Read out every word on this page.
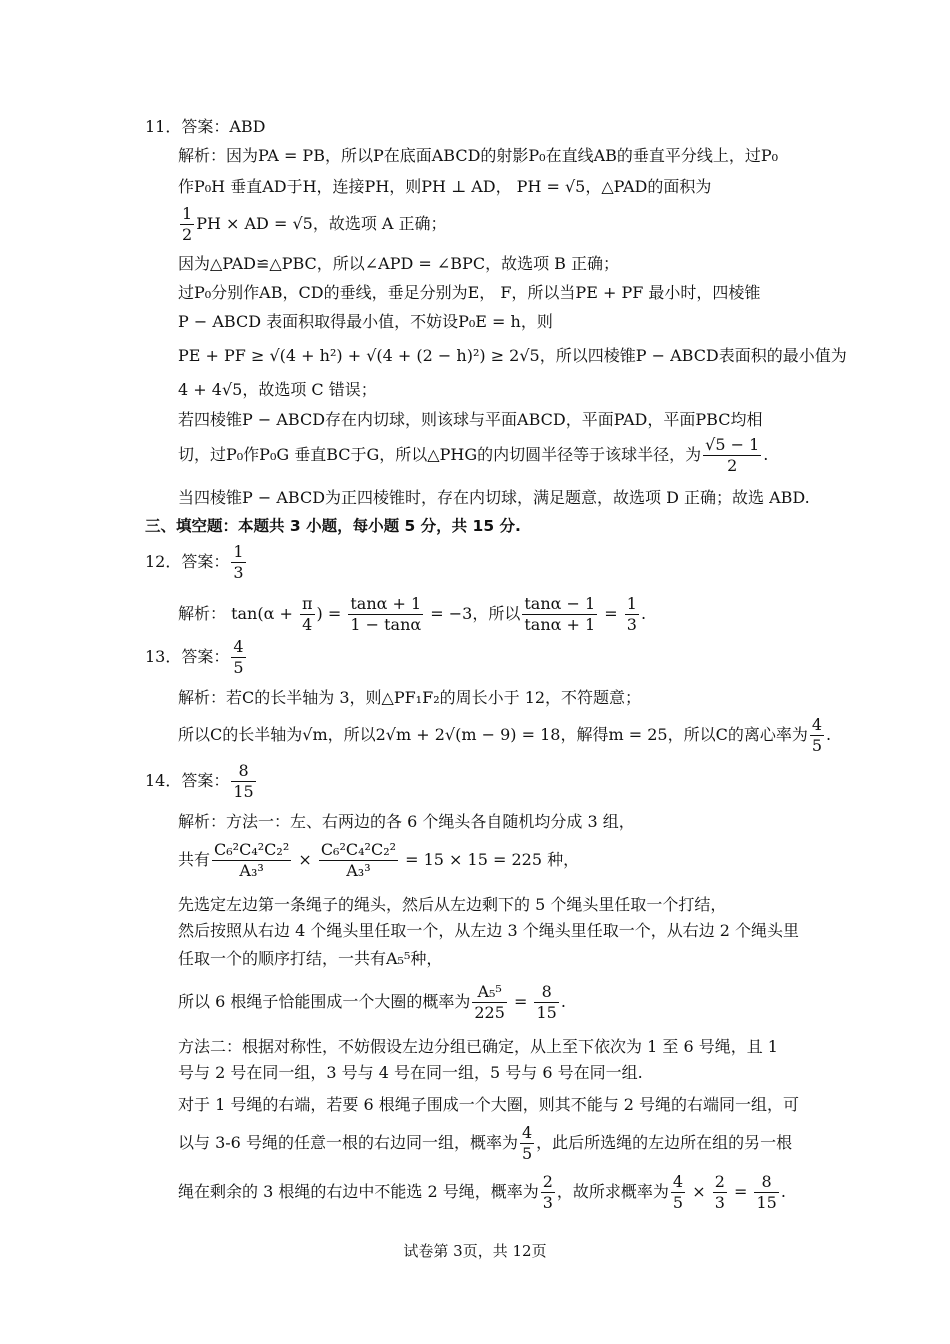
11．答案：ABD
解析：因为PA = PB，所以P在底面ABCD的射影P₀在直线AB的垂直平分线上，过P₀
作P₀H 垂直AD于H，连接PH，则PH ⊥ AD， PH = √5，△PAD的面积为
$\frac{1}{2}$ PH × AD = √5，故选项 A 正确；
因为△PAD≌△PBC，所以∠APD = ∠BPC，故选项 B 正确；
过P₀分别作AB，CD的垂线，垂足分别为E， F，所以当PE + PF 最小时，四棱锥
P − ABCD 表面积取得最小值，不妨设P₀E = h，则
PE + PF ≥ √(4 + h²) + √(4 + (2 − h)²) ≥ 2√5，所以四棱锥P − ABCD表面积的最小值为
4 + 4√5，故选项 C 错误；
若四棱锥P − ABCD存在内切球，则该球与平面ABCD，平面PAD，平面PBC均相
切，过P₀作P₀G 垂直BC于G，所以△PHG的内切圆半径等于该球半径，为 $\frac{√5 - 1}{2}$ .
当四棱锥P − ABCD为正四棱锥时，存在内切球，满足题意，故选项 D 正确；故选 ABD.
三、填空题：本题共 3 小题，每小题 5 分，共 15 分.
12．答案： $\frac{1}{3}$
解析： $\tan(\alpha + \frac{\pi}{4}$ ) = $\frac{\tan\alpha + 1}{1 - \tan\alpha} = -3$，所以 $\frac{\tan\alpha - 1}{\tan\alpha + 1} = \frac{1}{3}$ .
13．答案： $\frac{4}{5}$
解析：若C的长半轴为 3，则△PF₁F₂的周长小于 12，不符题意；
所以C的长半轴为√m，所以2√m + 2√(m − 9) = 18，解得m = 25，所以C的离心率为 $\frac{4}{5}$ .
14．答案： $\frac{8}{15}$
解析：方法一：左、右两边的各 6 个绳头各自随机均分成 3 组，
共有 $\frac{\text{C₆²C₄²C₂²}}{\text{A₃³}} \times \frac{\text{C₆²C₄²C₂²}}{\text{A₃³}} = 15 \times 15 = 225$ 种，
先选定左边第一条绳子的绳头，然后从左边剩下的 5 个绳头里任取一个打结，
然后按照从右边 4 个绳头里任取一个，从左边 3 个绳头里任取一个，从右边 2 个绳头里
任取一个的顺序打结，一共有A₅⁵种，
所以 6 根绳子恰能围成一个大圈的概率为 $\frac{\text{A₅⁵}}{225} = \frac{8}{15}$ .
方法二：根据对称性，不妨假设左边分组已确定，从上至下依次为 1 至 6 号绳，且 1
号与 2 号在同一组，3 号与 4 号在同一组，5 号与 6 号在同一组.
对于 1 号绳的右端，若要 6 根绳子围成一个大圈，则其不能与 2 号绳的右端同一组，可
以与 3-6 号绳的任意一根的右边同一组，概率为 $\frac{4}{5}$ ，此后所选绳的左边所在组的另一根
绳在剩余的 3 根绳的右边中不能选 2 号绳，概率为 $\frac{2}{3}$ ，故所求概率为 $\frac{4}{5} \times \frac{2}{3} = \frac{8}{15}$ .
试卷第 3页，共 12页
